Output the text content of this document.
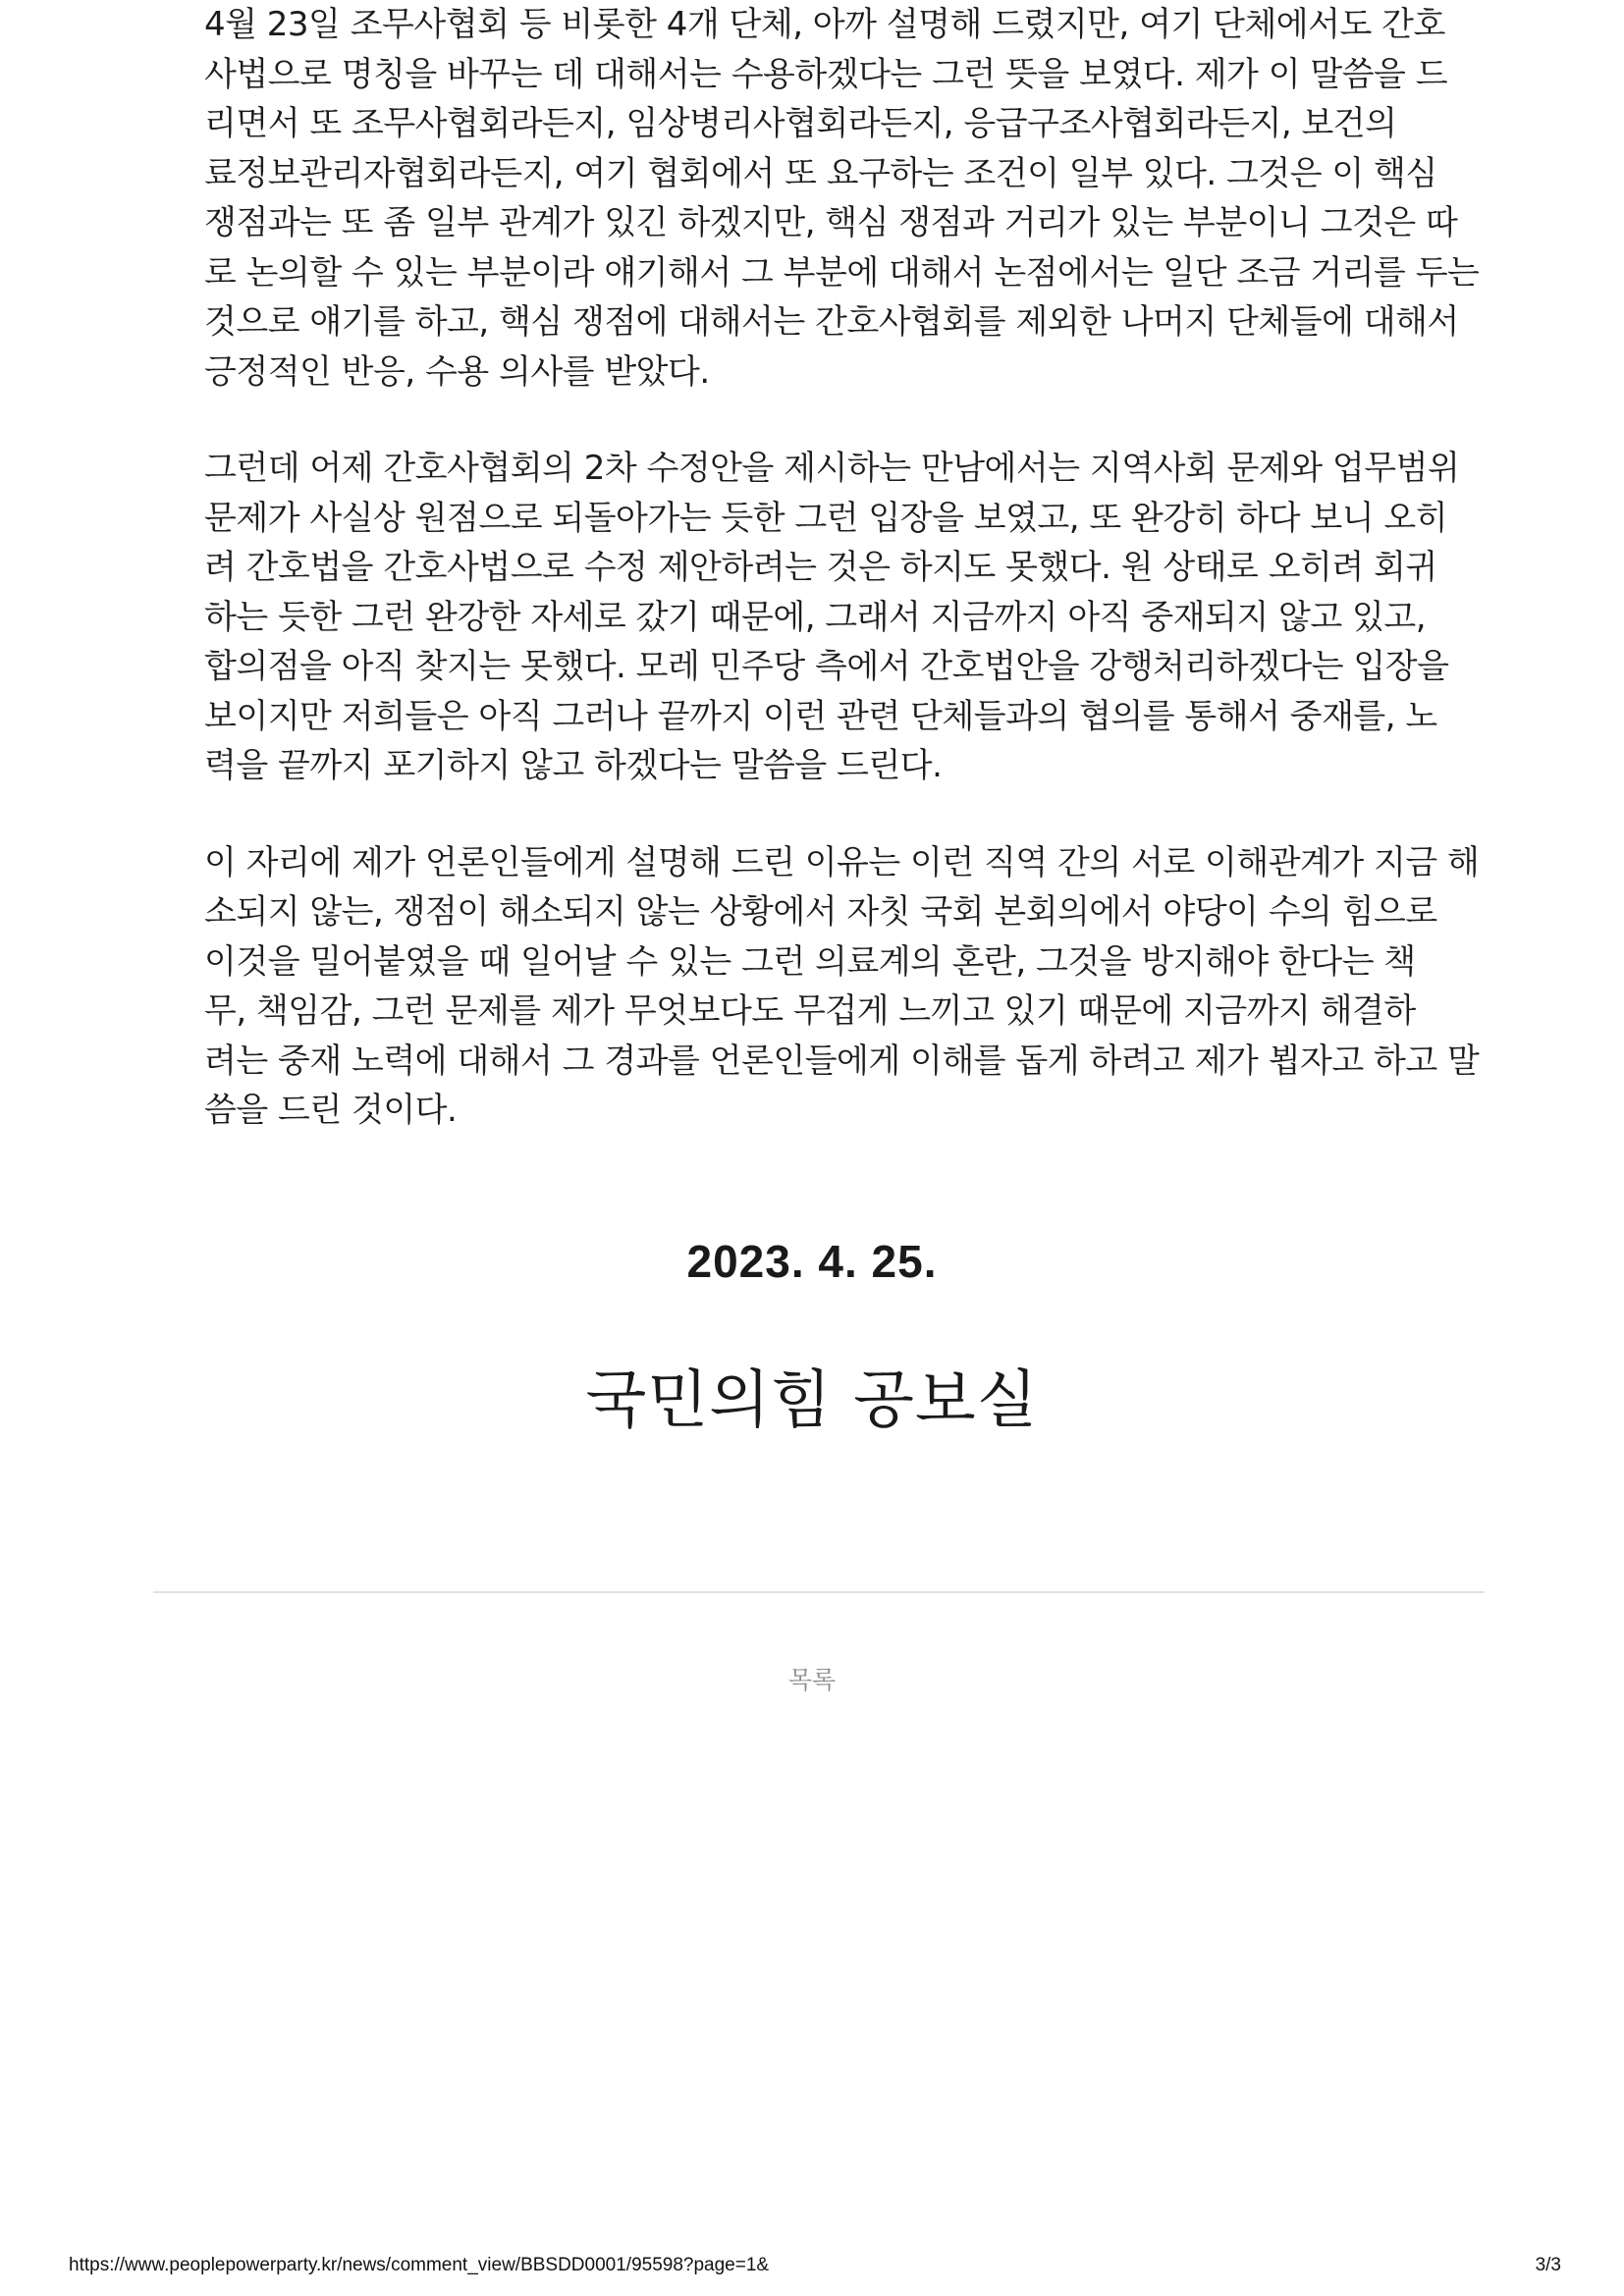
4월 23일 조무사협회 등 비롯한 4개 단체, 아까 설명해 드렸지만, 여기 단체에서도 간호
사법으로 명칭을 바꾸는 데 대해서는 수용하겠다는 그런 뜻을 보였다. 제가 이 말씀을 드
리면서 또 조무사협회라든지, 임상병리사협회라든지, 응급구조사협회라든지, 보건의
료정보관리자협회라든지, 여기 협회에서 또 요구하는 조건이 일부 있다. 그것은 이 핵심
쟁점과는 또 좀 일부 관계가 있긴 하겠지만, 핵심 쟁점과 거리가 있는 부분이니 그것은 따
로 논의할 수 있는 부분이라 얘기해서 그 부분에 대해서 논점에서는 일단 조금 거리를 두는
것으로 얘기를 하고, 핵심 쟁점에 대해서는 간호사협회를 제외한 나머지 단체들에 대해서
긍정적인 반응, 수용 의사를 받았다.

그런데 어제 간호사협회의 2차 수정안을 제시하는 만남에서는 지역사회 문제와 업무범위
문제가 사실상 원점으로 되돌아가는 듯한 그런 입장을 보였고, 또 완강히 하다 보니 오히
려 간호법을 간호사법으로 수정 제안하려는 것은 하지도 못했다. 원 상태로 오히려 회귀
하는 듯한 그런 완강한 자세로 갔기 때문에, 그래서 지금까지 아직 중재되지 않고 있고,
합의점을 아직 찾지는 못했다. 모레 민주당 측에서 간호법안을 강행처리하겠다는 입장을
보이지만 저희들은 아직 그러나 끝까지 이런 관련 단체들과의 협의를 통해서 중재를, 노
력을 끝까지 포기하지 않고 하겠다는 말씀을 드린다.

이 자리에 제가 언론인들에게 설명해 드린 이유는 이런 직역 간의 서로 이해관계가 지금 해
소되지 않는, 쟁점이 해소되지 않는 상황에서 자칫 국회 본회의에서 야당이 수의 힘으로
이것을 밀어붙였을 때 일어날 수 있는 그런 의료계의 혼란, 그것을 방지해야 한다는 책
무, 책임감, 그런 문제를 제가 무엇보다도 무겁게 느끼고 있기 때문에 지금까지 해결하
려는 중재 노력에 대해서 그 경과를 언론인들에게 이해를 돕게 하려고 제가 뵙자고 하고 말
씀을 드린 것이다.

2023. 4. 25.
국민의힘 공보실
목록
https://www.peoplepowerparty.kr/news/comment_view/BBSDD0001/95598?page=1&	3/3
